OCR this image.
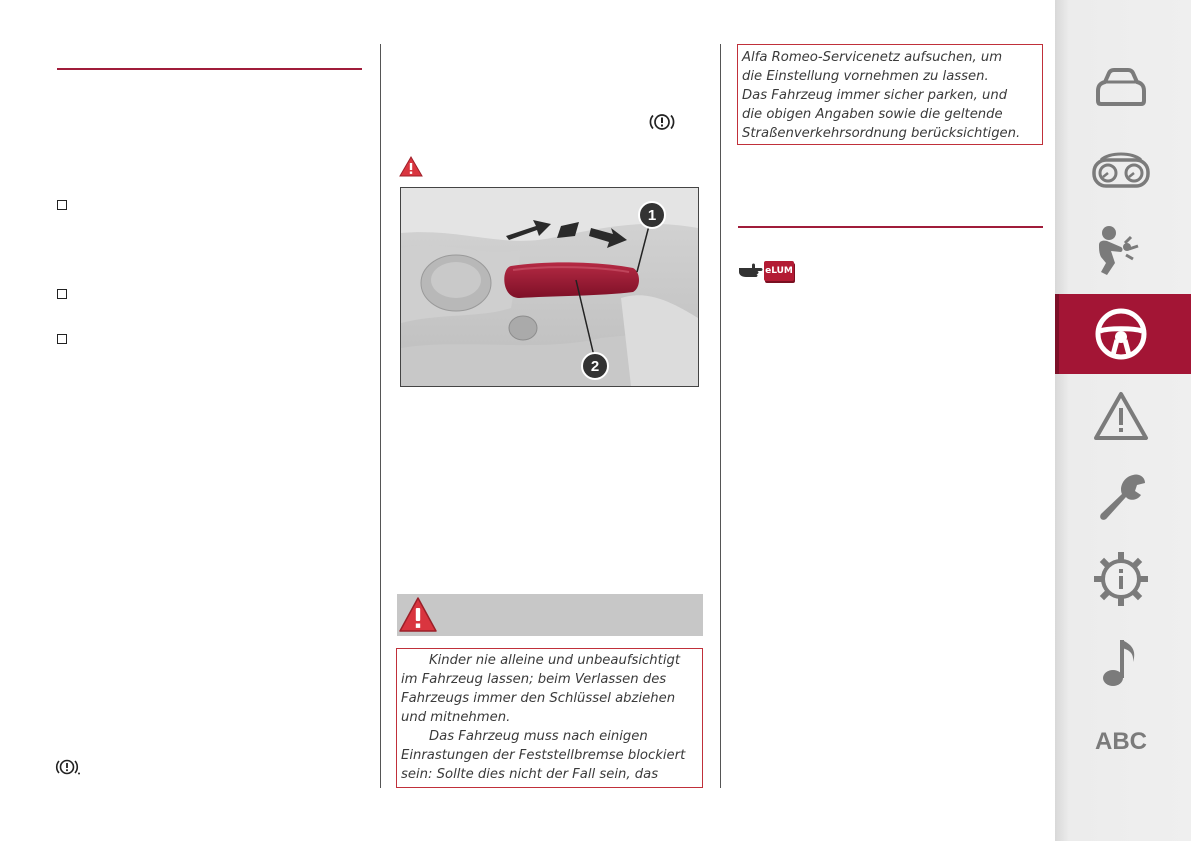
1
2

Kinder nie alleine und unbeaufsichtigt im Fahrzeug lassen; beim Verlassen des Fahrzeugs immer den Schlüssel abziehen und mitnehmen.

Das Fahrzeug muss nach einigen Einrastungen der Feststellbremse blockiert sein: Sollte dies nicht der Fall sein, das

Alfa Romeo-Servicenetz aufsuchen, um

die Einstellung vornehmen zu lassen.

Das Fahrzeug immer sicher parken, und

die obigen Angaben sowie die geltende

Straßenverkehrsordnung berücksichtigen.

eLUM
ABC
